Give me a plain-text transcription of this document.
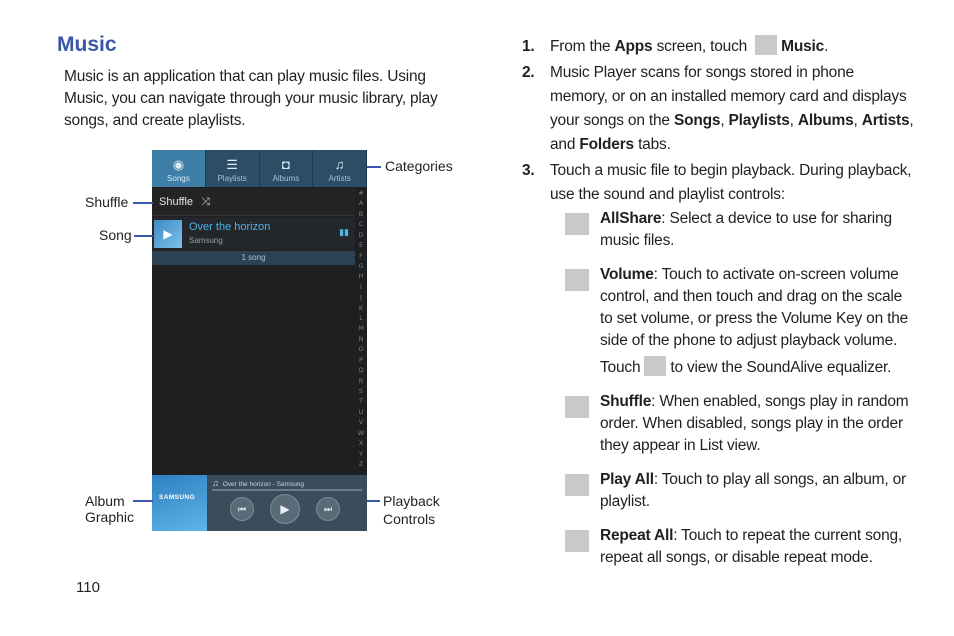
Music

Music is an application that can play music files. Using Music, you can navigate through your music library, play songs, and create playlists.

◉
Songs
☰
Playlists
◘
Albums
♫
Artists
Shuffle ⤨
▶	Over the horizon
Samsung
▮▮
1 song
#
A
B
C
D
E
F
G
H
I
J
K
L
M
N
O
P
Q
R
S
T
U
V
W
X
Y
Z
SAMSUNG
♫ Over the horizon - Samsung
⏮	▶	⏭
Categories
Shuffle
Song
Album
Graphic
Playback
Controls
1. From the Apps screen, touch Music.
2. Music Player scans for songs stored in phone memory, or on an installed memory card and displays your songs on the Songs, Playlists, Albums, Artists, and Folders tabs.
3. Touch a music file to begin playback. During playback, use the sound and playlist controls:
AllShare: Select a device to use for sharing music files.
Volume: Touch to activate on-screen volume control, and then touch and drag on the scale to set volume, or press the Volume Key on the side of the phone to adjust playback volume.
Touch to view the SoundAlive equalizer.
Shuffle: When enabled, songs play in random order. When disabled, songs play in the order they appear in List view.
Play All: Touch to play all songs, an album, or playlist.
Repeat All: Touch to repeat the current song, repeat all songs, or disable repeat mode.
110
